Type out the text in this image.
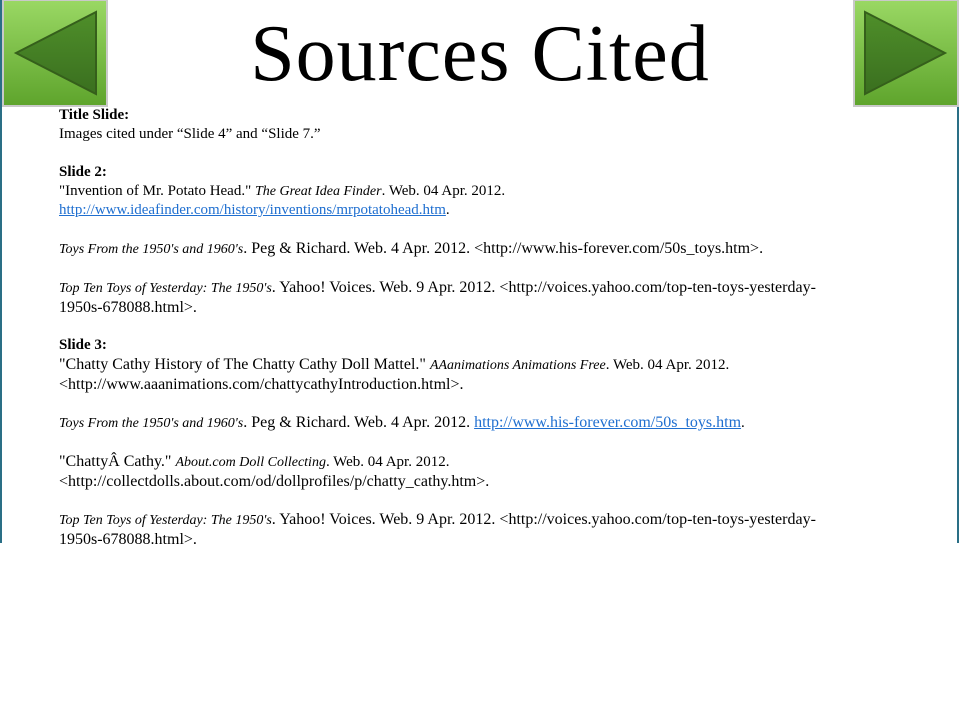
Sources Cited

Title Slide:

Images cited under “Slide 4” and “Slide 7.”

Slide 2:

"Invention of Mr. Potato Head." The Great Idea Finder. Web. 04 Apr. 2012.

http://www.ideafinder.com/history/inventions/mrpotatohead.htm.

Toys From the 1950's and 1960's. Peg & Richard. Web. 4 Apr. 2012. <http://www.his-forever.com/50s_toys.htm>.

Top Ten Toys of Yesterday: The 1950's. Yahoo! Voices. Web. 9 Apr. 2012. <http://voices.yahoo.com/top-ten-toys-yesterday-

1950s-678088.html>.

Slide 3:

"Chatty Cathy History of The Chatty Cathy Doll Mattel." AAanimations Animations Free. Web. 04 Apr. 2012.

<http://www.aaanimations.com/chattycathyIntroduction.html>.

Toys From the 1950's and 1960's. Peg & Richard. Web. 4 Apr. 2012. http://www.his-forever.com/50s_toys.htm.

"ChattyÂ Cathy." About.com Doll Collecting. Web. 04 Apr. 2012.

<http://collectdolls.about.com/od/dollprofiles/p/chatty_cathy.htm>.

Top Ten Toys of Yesterday: The 1950's. Yahoo! Voices. Web. 9 Apr. 2012. <http://voices.yahoo.com/top-ten-toys-yesterday-

1950s-678088.html>.
